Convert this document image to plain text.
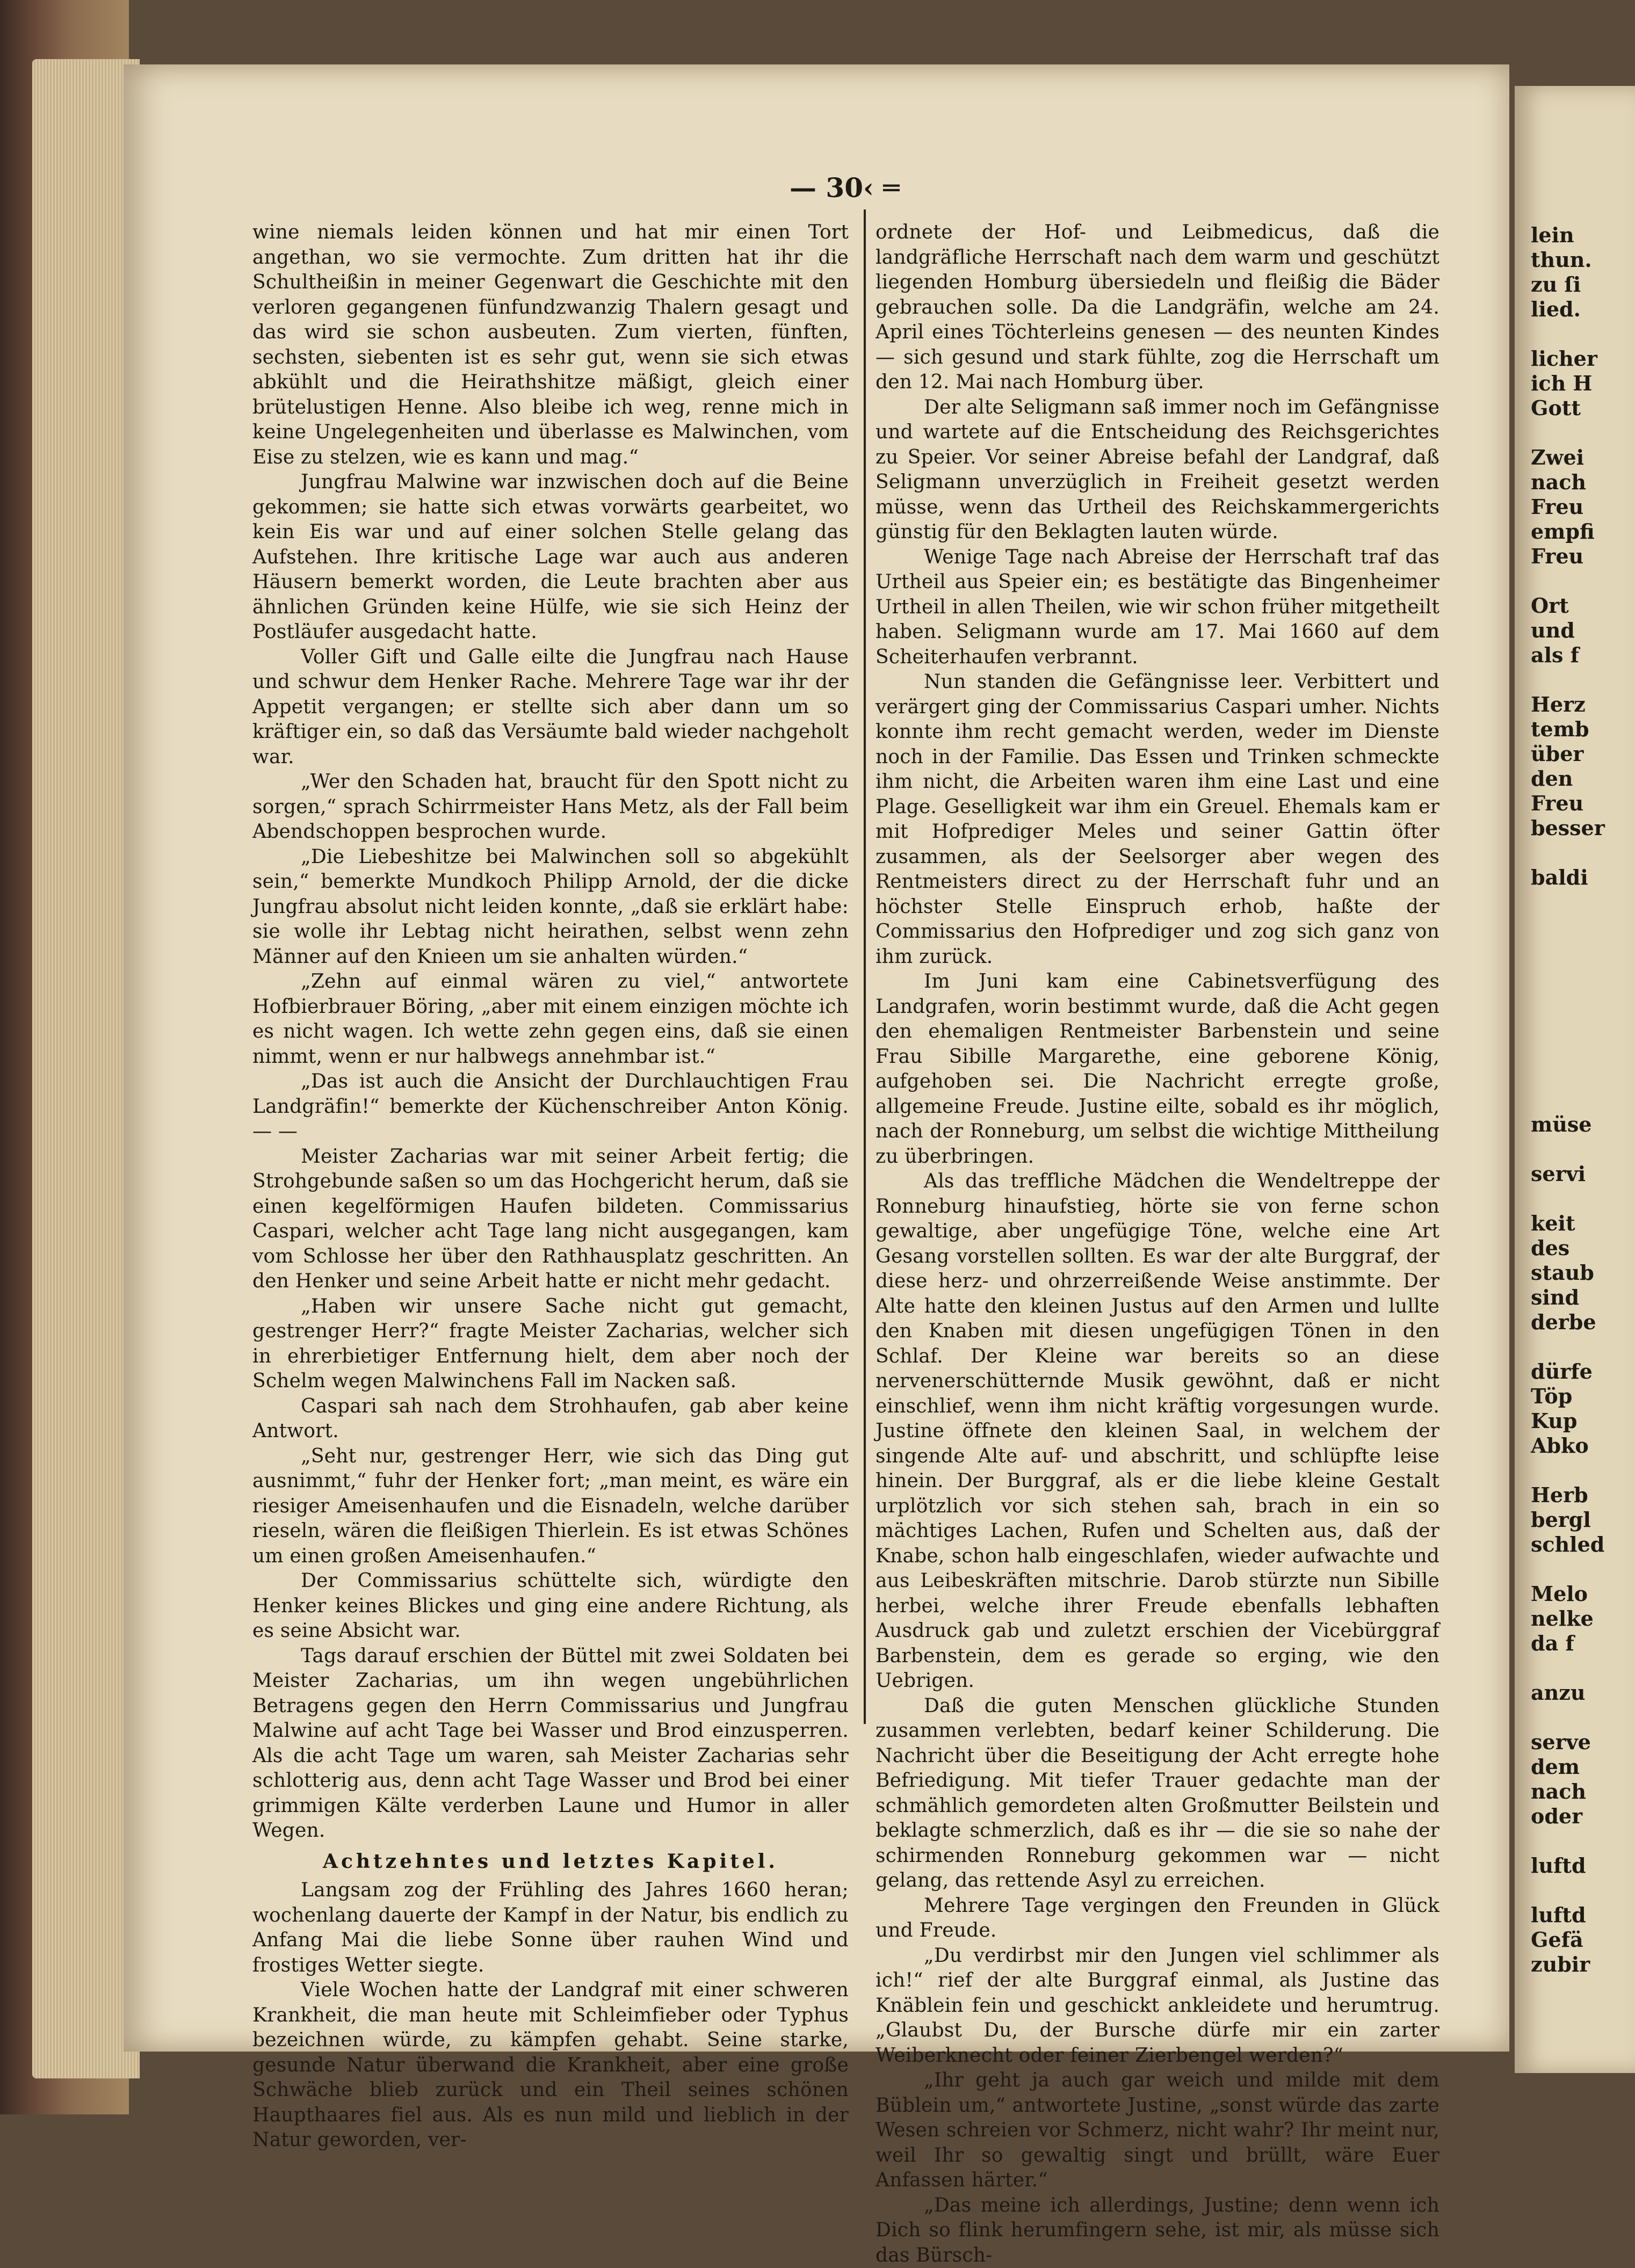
lein
thun.
zu ſi
lied.
licher
ich H
Gott
Zwei
nach
Freu
empfi
Freu
Ort
und
als f
Herz
temb
über
den
Freu
besser
baldi
müse
servi
keit
des
staub
sind
derbe
dürfe
Töp
Kup
Abko
Herb
bergl
schled
Melo
nelke
da f
anzu
serve
dem
nach
oder
luftd
luftd
Gefä
zubir
— 30‹ ═

wine niemals leiden können und hat mir einen Tort angethan, wo sie vermochte. Zum dritten hat ihr die Schultheißin in meiner Gegenwart die Geschichte mit den verloren gegangenen fünfundzwanzig Thalern gesagt und das wird sie schon ausbeuten. Zum vierten, fünften, sechsten, siebenten ist es sehr gut, wenn sie sich etwas abkühlt und die Heirathshitze mäßigt, gleich einer brütelustigen Henne. Also bleibe ich weg, renne mich in keine Ungelegenheiten und überlasse es Malwinchen, vom Eise zu stelzen, wie es kann und mag.“

Jungfrau Malwine war inzwischen doch auf die Beine gekommen; sie hatte sich etwas vorwärts gearbeitet, wo kein Eis war und auf einer solchen Stelle gelang das Aufstehen. Ihre kritische Lage war auch aus anderen Häusern bemerkt worden, die Leute brachten aber aus ähnlichen Gründen keine Hülfe, wie sie sich Heinz der Postläufer ausgedacht hatte.

Voller Gift und Galle eilte die Jungfrau nach Hause und schwur dem Henker Rache. Mehrere Tage war ihr der Appetit vergangen; er stellte sich aber dann um so kräftiger ein, so daß das Versäumte bald wieder nachgeholt war.

„Wer den Schaden hat, braucht für den Spott nicht zu sorgen,“ sprach Schirrmeister Hans Metz, als der Fall beim Abendschoppen besprochen wurde.

„Die Liebeshitze bei Malwinchen soll so abgekühlt sein,“ bemerkte Mundkoch Philipp Arnold, der die dicke Jungfrau absolut nicht leiden konnte, „daß sie erklärt habe: sie wolle ihr Lebtag nicht heirathen, selbst wenn zehn Männer auf den Knieen um sie anhalten würden.“

„Zehn auf einmal wären zu viel,“ antwortete Hofbierbrauer Böring, „aber mit einem einzigen möchte ich es nicht wagen. Ich wette zehn gegen eins, daß sie einen nimmt, wenn er nur halbwegs annehmbar ist.“

„Das ist auch die Ansicht der Durchlauchtigen Frau Landgräfin!“ bemerkte der Küchenschreiber Anton König. — —

Meister Zacharias war mit seiner Arbeit fertig; die Strohgebunde saßen so um das Hochgericht herum, daß sie einen kegelförmigen Haufen bildeten. Commissarius Caspari, welcher acht Tage lang nicht ausgegangen, kam vom Schlosse her über den Rathhausplatz geschritten. An den Henker und seine Arbeit hatte er nicht mehr gedacht.

„Haben wir unsere Sache nicht gut gemacht, gestrenger Herr?“ fragte Meister Zacharias, welcher sich in ehrerbietiger Entfernung hielt, dem aber noch der Schelm wegen Malwinchens Fall im Nacken saß.

Caspari sah nach dem Strohhaufen, gab aber keine Antwort.

„Seht nur, gestrenger Herr, wie sich das Ding gut ausnimmt,“ fuhr der Henker fort; „man meint, es wäre ein riesiger Ameisenhaufen und die Eisnadeln, welche darüber rieseln, wären die fleißigen Thierlein. Es ist etwas Schönes um einen großen Ameisenhaufen.“

Der Commissarius schüttelte sich, würdigte den Henker keines Blickes und ging eine andere Richtung, als es seine Absicht war.

Tags darauf erschien der Büttel mit zwei Soldaten bei Meister Zacharias, um ihn wegen ungebührlichen Betragens gegen den Herrn Commissarius und Jungfrau Malwine auf acht Tage bei Wasser und Brod einzusperren. Als die acht Tage um waren, sah Meister Zacharias sehr schlotterig aus, denn acht Tage Wasser und Brod bei einer grimmigen Kälte verderben Laune und Humor in aller Wegen.

Achtzehntes und letztes Kapitel.

Langsam zog der Frühling des Jahres 1660 heran; wochenlang dauerte der Kampf in der Natur, bis endlich zu Anfang Mai die liebe Sonne über rauhen Wind und frostiges Wetter siegte.

Viele Wochen hatte der Landgraf mit einer schweren Krankheit, die man heute mit Schleimfieber oder Typhus bezeichnen würde, zu kämpfen gehabt. Seine starke, gesunde Natur überwand die Krankheit, aber eine große Schwäche blieb zurück und ein Theil seines schönen Haupthaares fiel aus. Als es nun mild und lieblich in der Natur geworden, ver-

ordnete der Hof- und Leibmedicus, daß die landgräfliche Herrschaft nach dem warm und geschützt liegenden Homburg übersiedeln und fleißig die Bäder gebrauchen solle. Da die Landgräfin, welche am 24. April eines Töchterleins genesen — des neunten Kindes — sich gesund und stark fühlte, zog die Herrschaft um den 12. Mai nach Homburg über.

Der alte Seligmann saß immer noch im Gefängnisse und wartete auf die Entscheidung des Reichsgerichtes zu Speier. Vor seiner Abreise befahl der Landgraf, daß Seligmann unverzüglich in Freiheit gesetzt werden müsse, wenn das Urtheil des Reichskammergerichts günstig für den Beklagten lauten würde.

Wenige Tage nach Abreise der Herrschaft traf das Urtheil aus Speier ein; es bestätigte das Bingenheimer Urtheil in allen Theilen, wie wir schon früher mitgetheilt haben. Seligmann wurde am 17. Mai 1660 auf dem Scheiterhaufen verbrannt.

Nun standen die Gefängnisse leer. Verbittert und verärgert ging der Commissarius Caspari umher. Nichts konnte ihm recht gemacht werden, weder im Dienste noch in der Familie. Das Essen und Trinken schmeckte ihm nicht, die Arbeiten waren ihm eine Last und eine Plage. Geselligkeit war ihm ein Greuel. Ehemals kam er mit Hofprediger Meles und seiner Gattin öfter zusammen, als der Seelsorger aber wegen des Rentmeisters direct zu der Herrschaft fuhr und an höchster Stelle Einspruch erhob, haßte der Commissarius den Hofprediger und zog sich ganz von ihm zurück.

Im Juni kam eine Cabinetsverfügung des Landgrafen, worin bestimmt wurde, daß die Acht gegen den ehemaligen Rentmeister Barbenstein und seine Frau Sibille Margarethe, eine geborene König, aufgehoben sei. Die Nachricht erregte große, allgemeine Freude. Justine eilte, sobald es ihr möglich, nach der Ronneburg, um selbst die wichtige Mittheilung zu überbringen.

Als das treffliche Mädchen die Wendeltreppe der Ronneburg hinaufstieg, hörte sie von ferne schon gewaltige, aber ungefügige Töne, welche eine Art Gesang vorstellen sollten. Es war der alte Burggraf, der diese herz- und ohrzerreißende Weise anstimmte. Der Alte hatte den kleinen Justus auf den Armen und lullte den Knaben mit diesen ungefügigen Tönen in den Schlaf. Der Kleine war bereits so an diese nervenerschütternde Musik gewöhnt, daß er nicht einschlief, wenn ihm nicht kräftig vorgesungen wurde. Justine öffnete den kleinen Saal, in welchem der singende Alte auf- und abschritt, und schlüpfte leise hinein. Der Burggraf, als er die liebe kleine Gestalt urplötzlich vor sich stehen sah, brach in ein so mächtiges Lachen, Rufen und Schelten aus, daß der Knabe, schon halb eingeschlafen, wieder aufwachte und aus Leibeskräften mitschrie. Darob stürzte nun Sibille herbei, welche ihrer Freude ebenfalls lebhaften Ausdruck gab und zuletzt erschien der Vicebürggraf Barbenstein, dem es gerade so erging, wie den Uebrigen.

Daß die guten Menschen glückliche Stunden zusammen verlebten, bedarf keiner Schilderung. Die Nachricht über die Beseitigung der Acht erregte hohe Befriedigung. Mit tiefer Trauer gedachte man der schmählich gemordeten alten Großmutter Beilstein und beklagte schmerzlich, daß es ihr — die sie so nahe der schirmenden Ronneburg gekommen war — nicht gelang, das rettende Asyl zu erreichen.

Mehrere Tage vergingen den Freunden in Glück und Freude.

„Du verdirbst mir den Jungen viel schlimmer als ich!“ rief der alte Burggraf einmal, als Justine das Knäblein fein und geschickt ankleidete und herumtrug. „Glaubst Du, der Bursche dürfe mir ein zarter Weiberknecht oder feiner Zierbengel werden?“

„Ihr geht ja auch gar weich und milde mit dem Büblein um,“ antwortete Justine, „sonst würde das zarte Wesen schreien vor Schmerz, nicht wahr? Ihr meint nur, weil Ihr so gewaltig singt und brüllt, wäre Euer Anfassen härter.“

„Das meine ich allerdings, Justine; denn wenn ich Dich so flink herumfingern sehe, ist mir, als müsse sich das Bürsch-
